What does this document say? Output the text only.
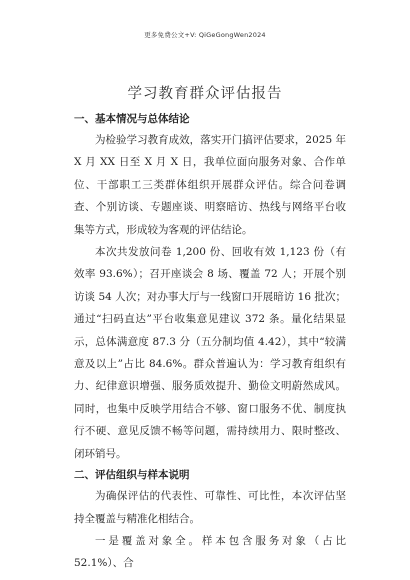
更多免费公文+V: QiGeGongWen2024
学习教育群众评估报告

一、基本情况与总体结论

为检验学习教育成效，落实开门搞评估要求，2025 年 X 月 XX 日至 X 月 X 日，我单位面向服务对象、合作单位、干部职工三类群体组织开展群众评估。综合问卷调查、个别访谈、专题座谈、明察暗访、热线与网络平台收集等方式，形成较为客观的评估结论。

本次共发放问卷 1,200 份、回收有效 1,123 份（有效率 93.6%）；召开座谈会 8 场、覆盖 72 人；开展个别访谈 54 人次；对办事大厅与一线窗口开展暗访 16 批次；通过“扫码直达”平台收集意见建议 372 条。量化结果显示，总体满意度 87.3 分（五分制均值 4.42），其中“较满意及以上”占比 84.6%。群众普遍认为：学习教育组织有力、纪律意识增强、服务质效提升、勤俭文明蔚然成风。同时，也集中反映学用结合不够、窗口服务不优、制度执行不硬、意见反馈不畅等问题，需持续用力、限时整改、闭环销号。

二、评估组织与样本说明

为确保评估的代表性、可靠性、可比性，本次评估坚持全覆盖与精准化相结合。

一是覆盖对象全。样本包含服务对象（占比 52.1%）、合
